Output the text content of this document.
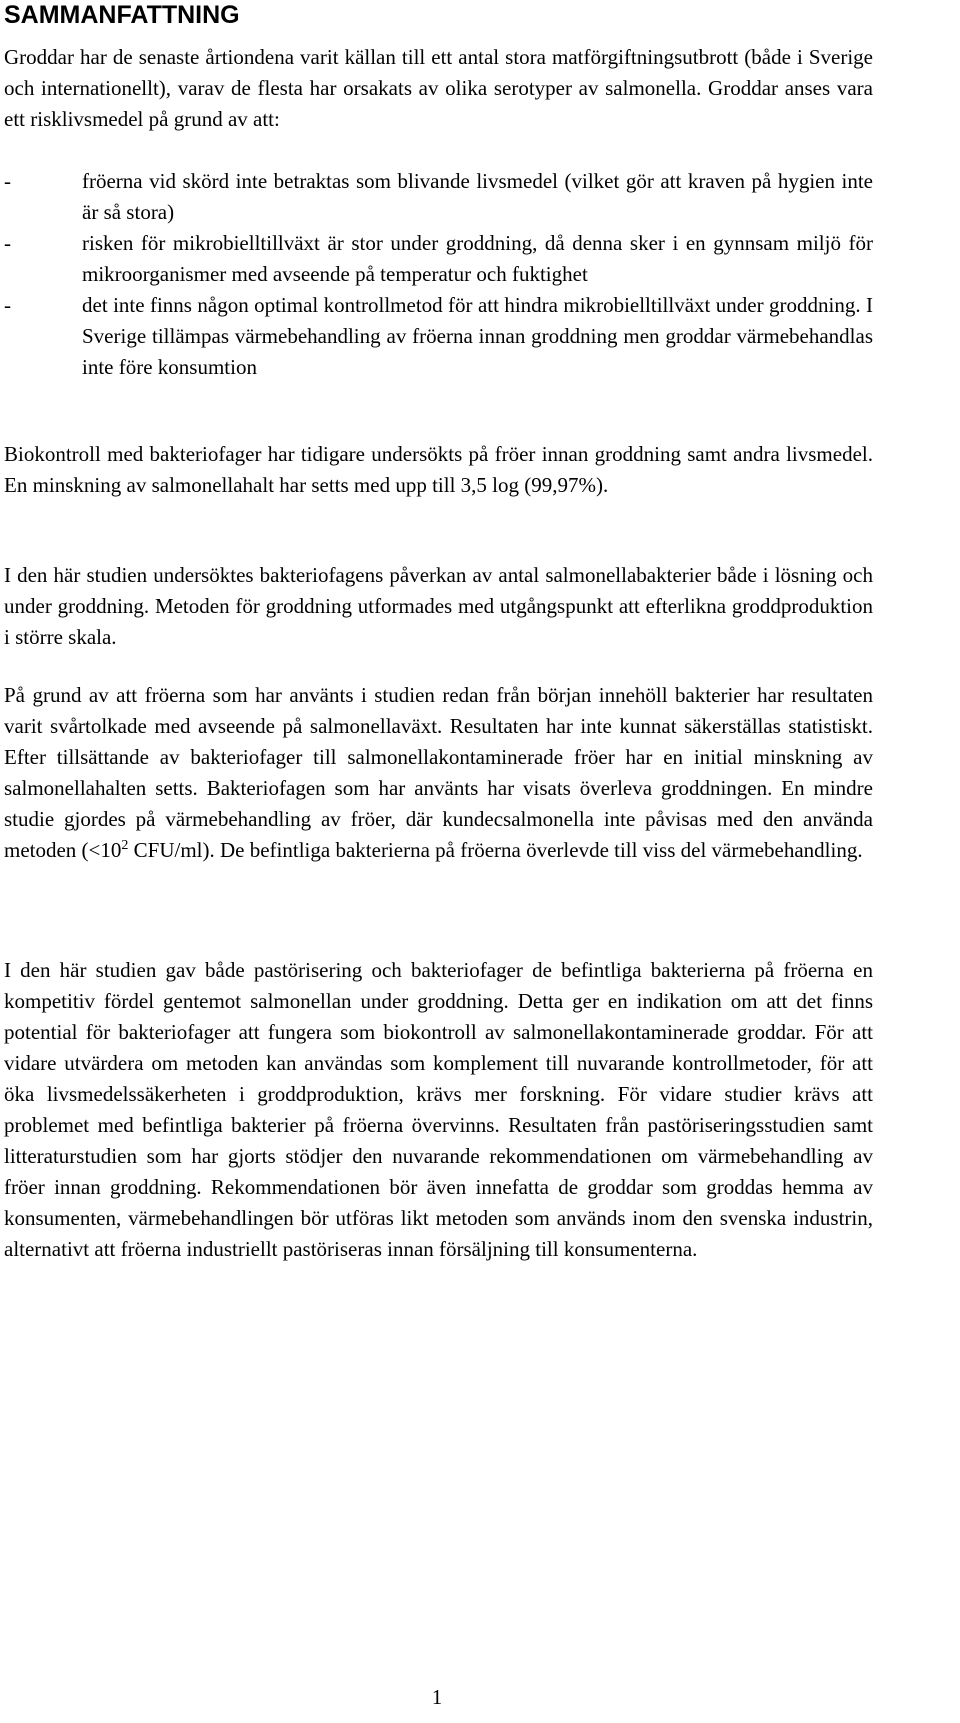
SAMMANFATTNING

Groddar har de senaste årtiondena varit källan till ett antal stora matförgiftningsutbrott (både i Sverige och internationellt), varav de flesta har orsakats av olika serotyper av salmonella. Groddar anses vara ett risklivsmedel på grund av att:

-	fröerna vid skörd inte betraktas som blivande livsmedel (vilket gör att kraven på hygien inte är så stora)
-	risken för mikrobielltillväxt är stor under groddning, då denna sker i en gynnsam miljö för mikroorganismer med avseende på temperatur och fuktighet
-	det inte finns någon optimal kontrollmetod för att hindra mikrobielltillväxt under groddning. I Sverige tillämpas värmebehandling av fröerna innan groddning men groddar värmebehandlas inte före konsumtion

Biokontroll med bakteriofager har tidigare undersökts på fröer innan groddning samt andra livsmedel. En minskning av salmonellahalt har setts med upp till 3,5 log (99,97%).

I den här studien undersöktes bakteriofagens påverkan av antal salmonellabakterier både i lösning och under groddning. Metoden för groddning utformades med utgångspunkt att efterlikna groddproduktion i större skala.

På grund av att fröerna som har använts i studien redan från början innehöll bakterier har resultaten varit svårtolkade med avseende på salmonellaväxt. Resultaten har inte kunnat säkerställas statistiskt. Efter tillsättande av bakteriofager till salmonellakontaminerade fröer har en initial minskning av salmonellahalten setts. Bakteriofagen som har använts har visats överleva groddningen. En mindre studie gjordes på värmebehandling av fröer, där kundecsalmonella inte påvisas med den använda metoden ($<10^2$ CFU/ml). De befintliga bakterierna på fröerna överlevde till viss del värmebehandling.

I den här studien gav både pastörisering och bakteriofager de befintliga bakterierna på fröerna en kompetitiv fördel gentemot salmonellan under groddning. Detta ger en indikation om att det finns potential för bakteriofager att fungera som biokontroll av salmonellakontaminerade groddar. För att vidare utvärdera om metoden kan användas som komplement till nuvarande kontrollmetoder, för att öka livsmedelssäkerheten i groddproduktion, krävs mer forskning. För vidare studier krävs att problemet med befintliga bakterier på fröerna övervinns. Resultaten från pastöriseringsstudien samt litteraturstudien som har gjorts stödjer den nuvarande rekommendationen om värmebehandling av fröer innan groddning. Rekommendationen bör även innefatta de groddar som groddas hemma av konsumenten, värmebehandlingen bör utföras likt metoden som används inom den svenska industrin, alternativt att fröerna industriellt pastöriseras innan försäljning till konsumenterna.

1
